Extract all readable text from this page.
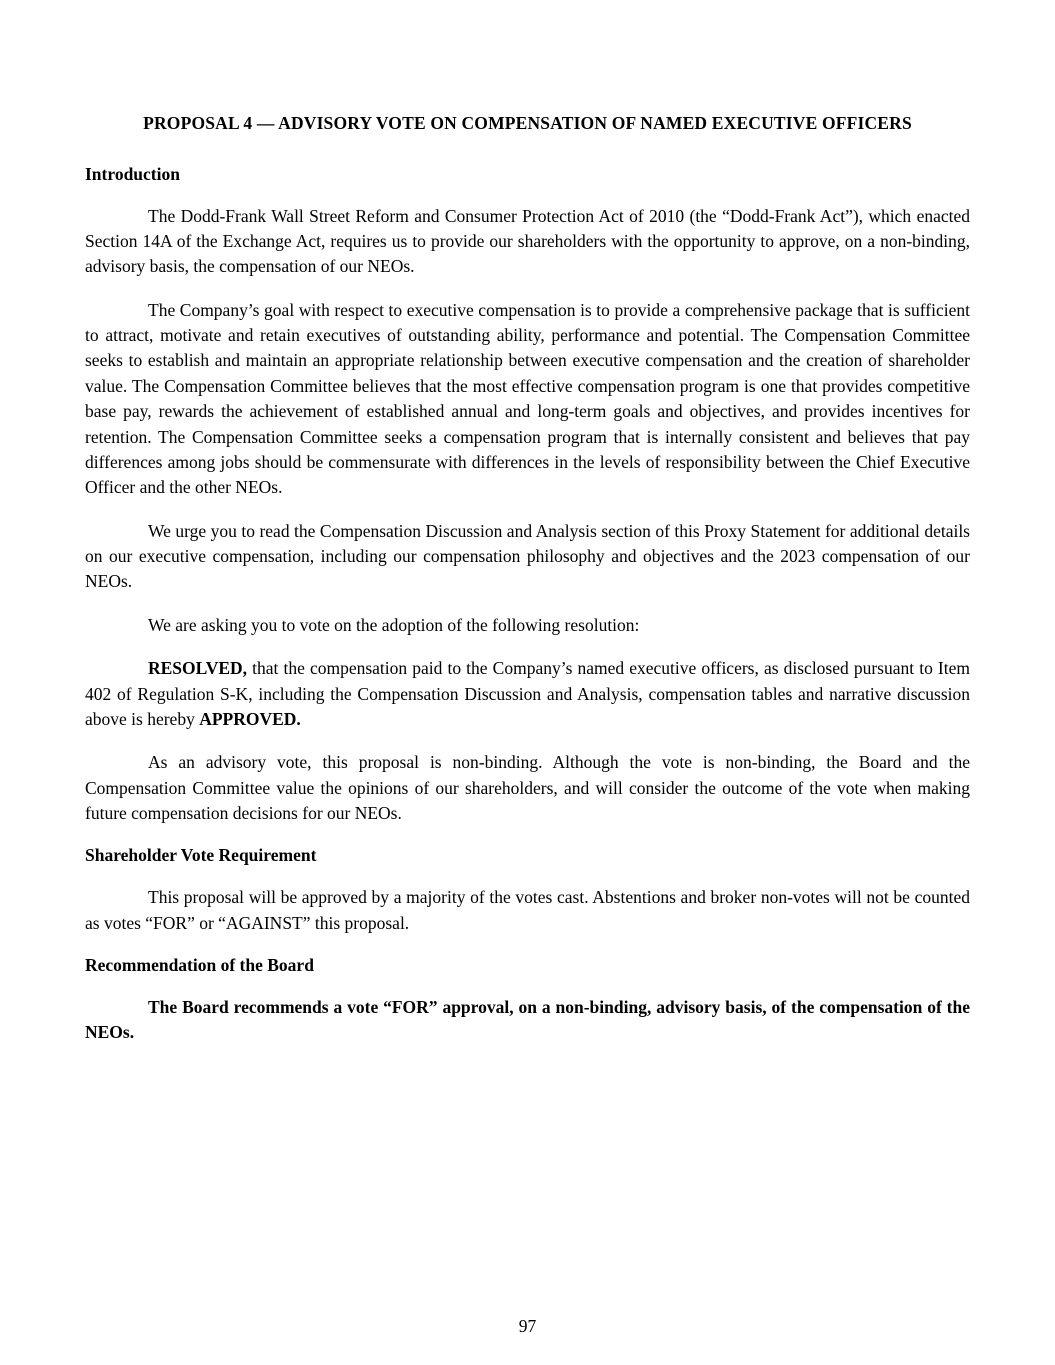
PROPOSAL 4 — ADVISORY VOTE ON COMPENSATION OF NAMED EXECUTIVE OFFICERS
Introduction

The Dodd-Frank Wall Street Reform and Consumer Protection Act of 2010 (the “Dodd-Frank Act”), which enacted Section 14A of the Exchange Act, requires us to provide our shareholders with the opportunity to approve, on a non-binding, advisory basis, the compensation of our NEOs.

The Company’s goal with respect to executive compensation is to provide a comprehensive package that is sufficient to attract, motivate and retain executives of outstanding ability, performance and potential. The Compensation Committee seeks to establish and maintain an appropriate relationship between executive compensation and the creation of shareholder value. The Compensation Committee believes that the most effective compensation program is one that provides competitive base pay, rewards the achievement of established annual and long-term goals and objectives, and provides incentives for retention. The Compensation Committee seeks a compensation program that is internally consistent and believes that pay differences among jobs should be commensurate with differences in the levels of responsibility between the Chief Executive Officer and the other NEOs.

We urge you to read the Compensation Discussion and Analysis section of this Proxy Statement for additional details on our executive compensation, including our compensation philosophy and objectives and the 2023 compensation of our NEOs.

We are asking you to vote on the adoption of the following resolution:

RESOLVED, that the compensation paid to the Company’s named executive officers, as disclosed pursuant to Item 402 of Regulation S-K, including the Compensation Discussion and Analysis, compensation tables and narrative discussion above is hereby APPROVED.

As an advisory vote, this proposal is non-binding. Although the vote is non-binding, the Board and the Compensation Committee value the opinions of our shareholders, and will consider the outcome of the vote when making future compensation decisions for our NEOs.

Shareholder Vote Requirement

This proposal will be approved by a majority of the votes cast. Abstentions and broker non-votes will not be counted as votes “FOR” or “AGAINST” this proposal.

Recommendation of the Board

The Board recommends a vote “FOR” approval, on a non-binding, advisory basis, of the compensation of the NEOs.

97
